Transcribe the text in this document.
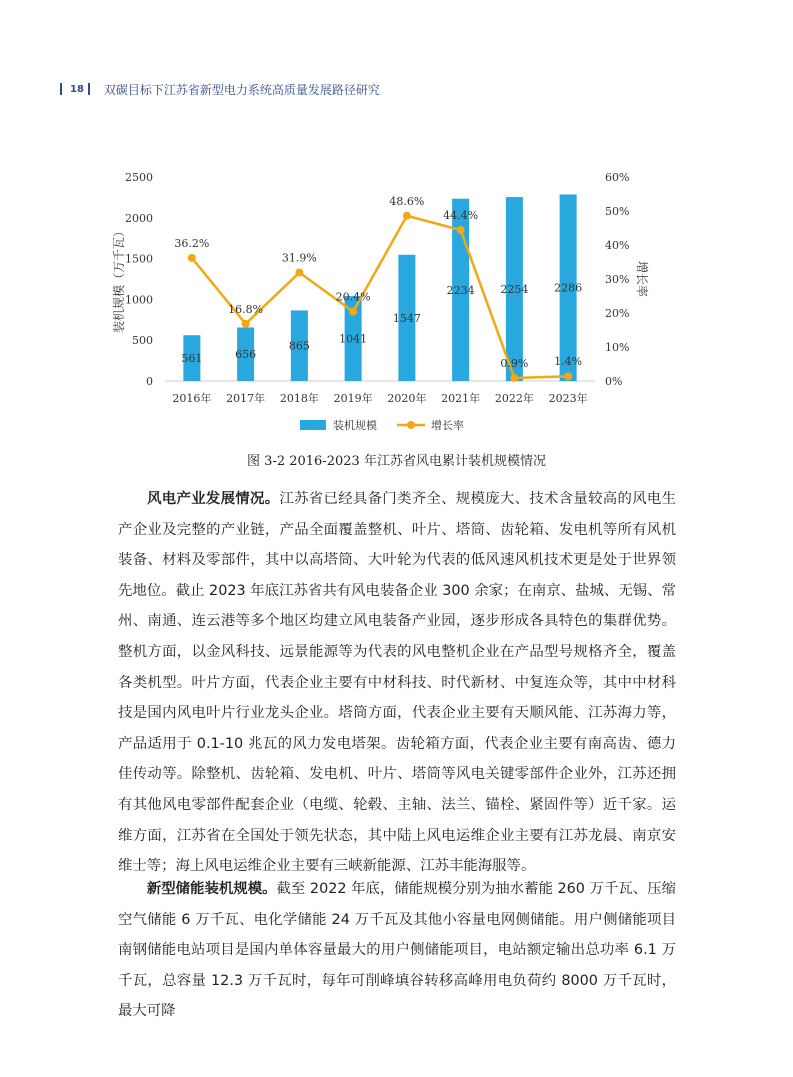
18 双碳目标下江苏省新型电力系统高质量发展路径研究
0
500
1000
1500
2000
2500
0%
10%
20%
30%
40%
50%
60%
装机规模（万千瓦）	增长率
2016年 2017年 2018年 2019年 2020年 2021年 2022年 2023年
561	656
865
1041
1547
2234 2254 2286
36.2%
16.8%
31.9%
20.4%
48.6%
44.4%
0.9% 1.4%
装机规模	增长率
图 3-2 2016-2023 年江苏省风电累计装机规模情况

风电产业发展情况。江苏省已经具备门类齐全、规模庞大、技术含量较高的风电生产企业及完整的产业链，产品全面覆盖整机、叶片、塔筒、齿轮箱、发电机等所有风机装备、材料及零部件，其中以高塔筒、大叶轮为代表的低风速风机技术更是处于世界领先地位。截止 2023 年底江苏省共有风电装备企业 300 余家；在南京、盐城、无锡、常州、南通、连云港等多个地区均建立风电装备产业园，逐步形成各具特色的集群优势。整机方面，以金风科技、远景能源等为代表的风电整机企业在产品型号规格齐全，覆盖各类机型。叶片方面，代表企业主要有中材科技、时代新材、中复连众等，其中中材科技是国内风电叶片行业龙头企业。塔筒方面，代表企业主要有天顺风能、江苏海力等，产品适用于 0.1-10 兆瓦的风力发电塔架。齿轮箱方面，代表企业主要有南高齿、德力佳传动等。除整机、齿轮箱、发电机、叶片、塔筒等风电关键零部件企业外，江苏还拥有其他风电零部件配套企业（电缆、轮毂、主轴、法兰、锚栓、紧固件等）近千家。运维方面，江苏省在全国处于领先状态，其中陆上风电运维企业主要有江苏龙晨、南京安维士等；海上风电运维企业主要有三峡新能源、江苏丰能海服等。

新型储能装机规模。截至 2022 年底，储能规模分别为抽水蓄能 260 万千瓦、压缩空气储能 6 万千瓦、电化学储能 24 万千瓦及其他小容量电网侧储能。用户侧储能项目南钢储能电站项目是国内单体容量最大的用户侧储能项目，电站额定输出总功率 6.1 万千瓦，总容量 12.3 万千瓦时，每年可削峰填谷转移高峰用电负荷约 8000 万千瓦时，最大可降
